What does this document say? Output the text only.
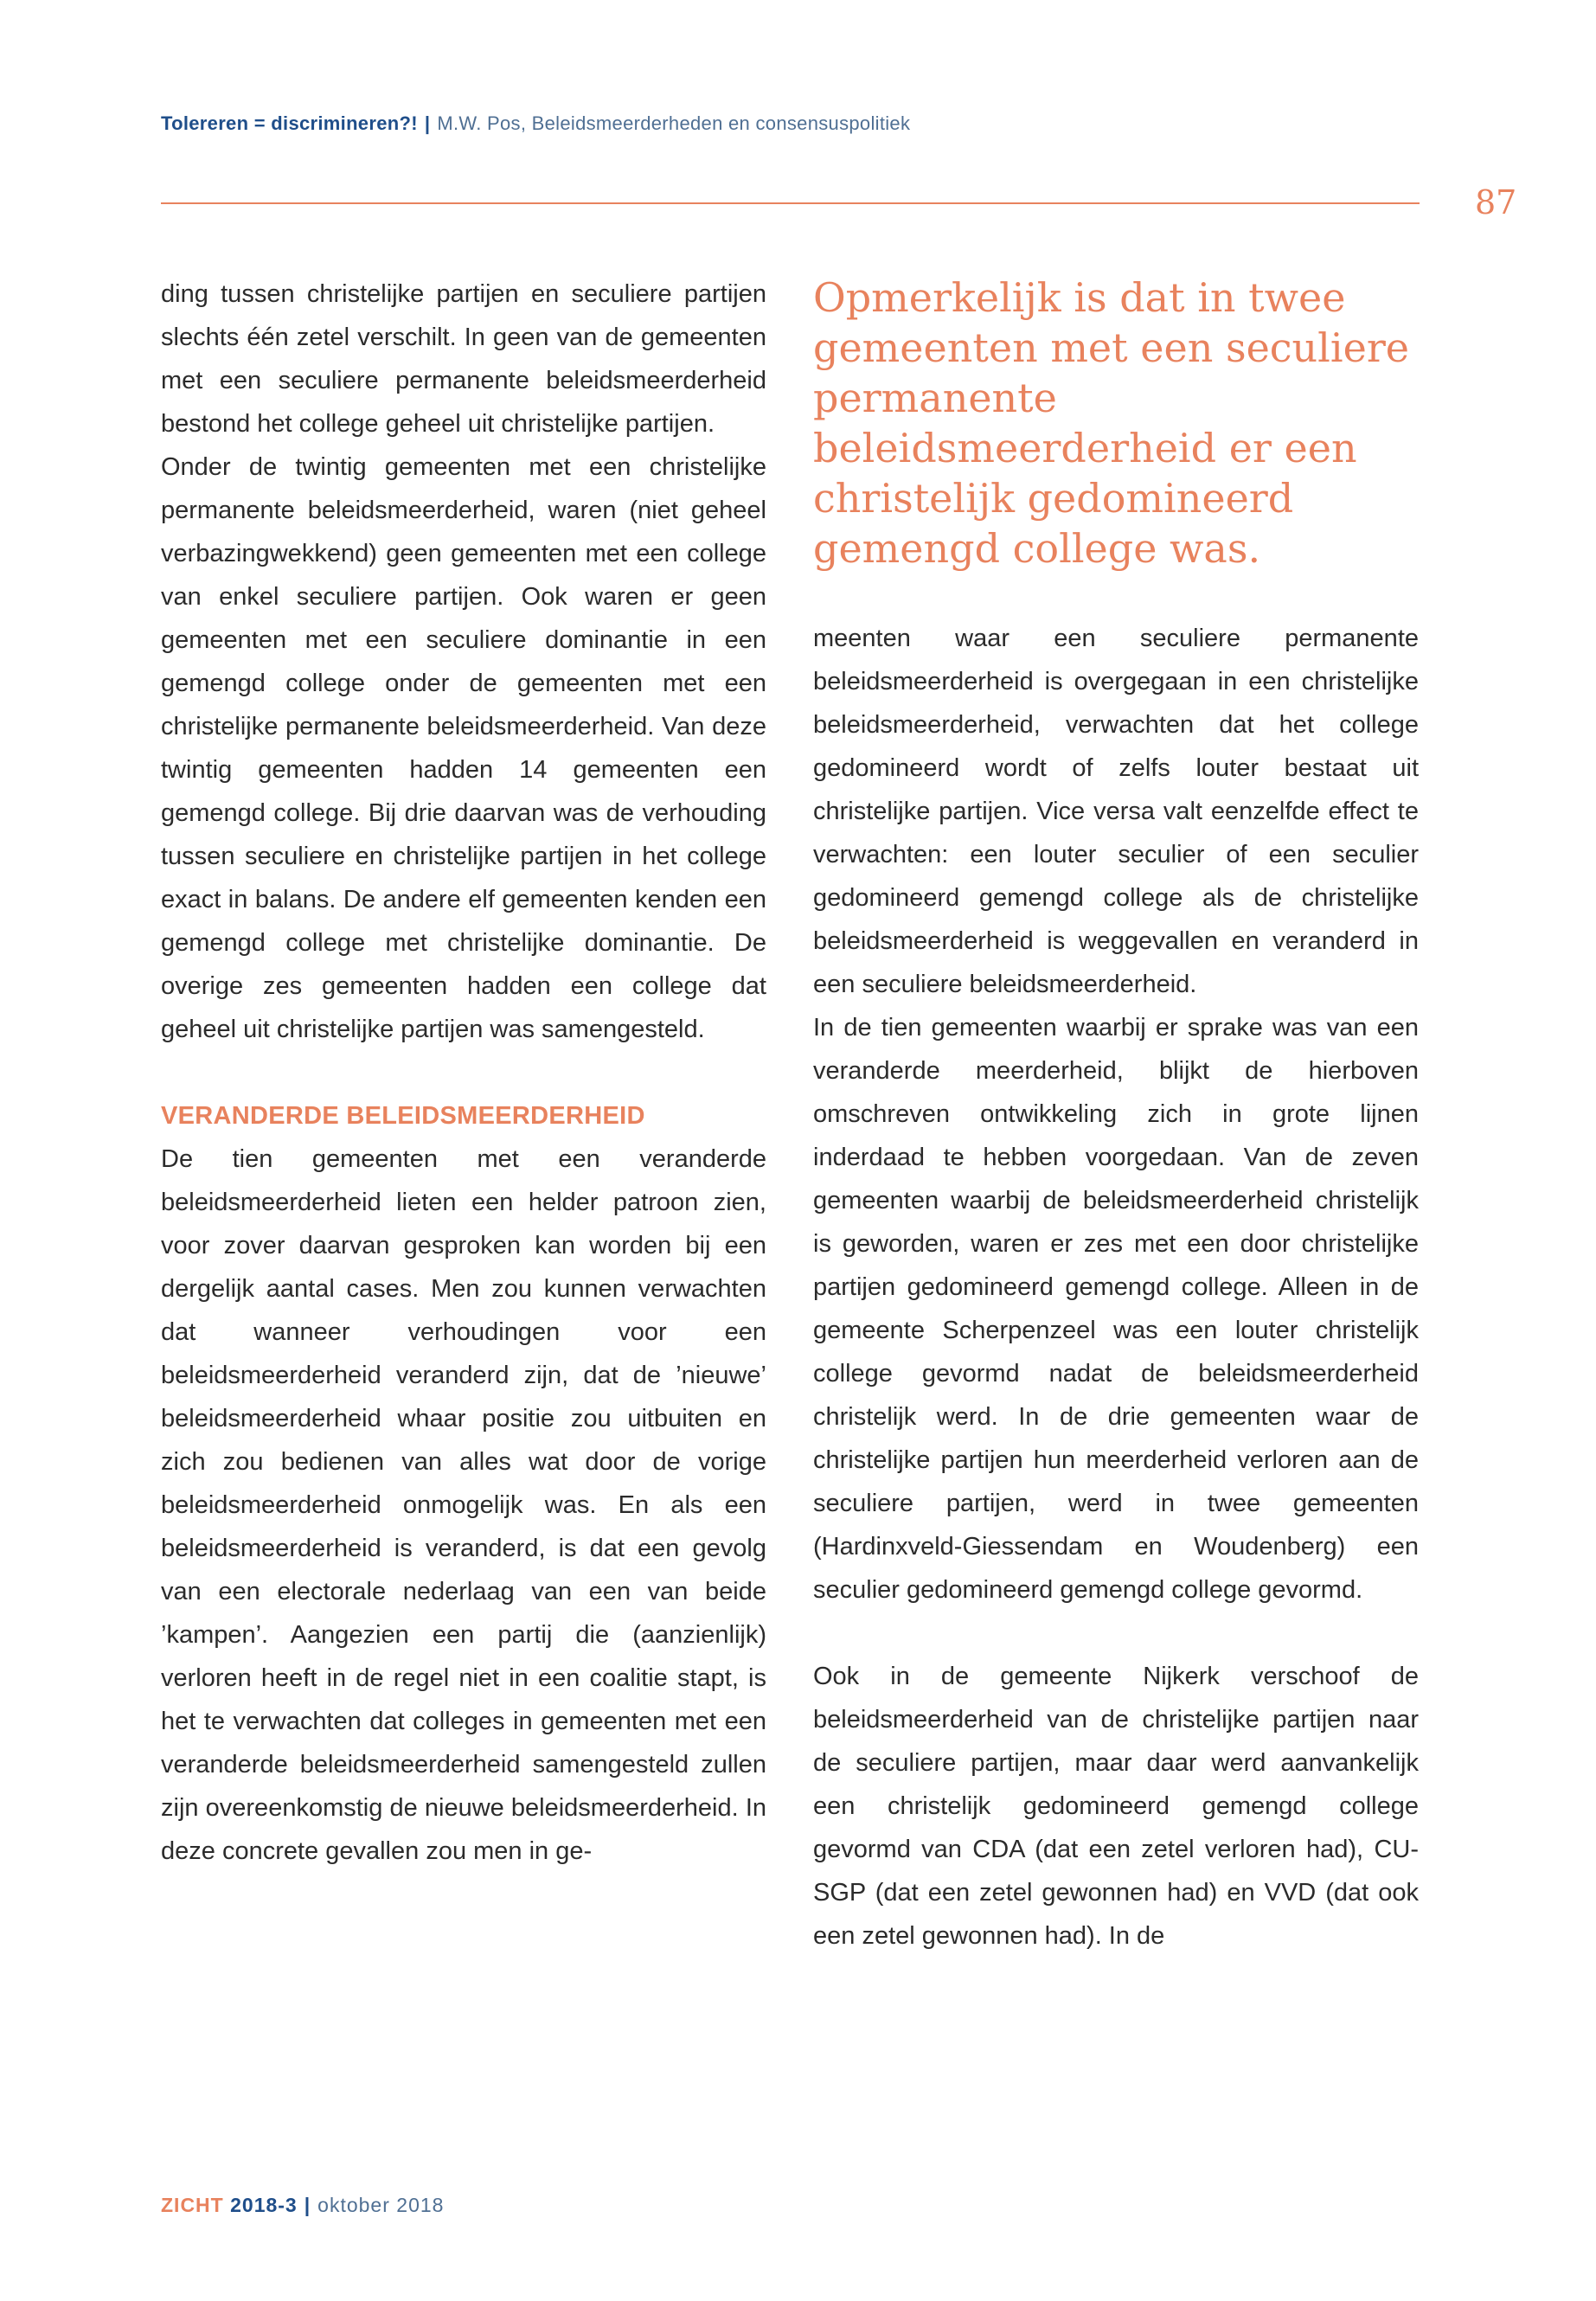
Tolereren = discrimineren?! | M.W. Pos, Beleidsmeerderheden en consensuspolitiek
87

ding tussen christelijke partijen en seculiere partijen slechts één zetel verschilt. In geen van de gemeenten met een seculiere permanente beleidsmeerderheid bestond het college geheel uit christelijke partijen.

Onder de twintig gemeenten met een christelijke permanente beleidsmeerderheid, waren (niet geheel verbazingwekkend) geen gemeenten met een college van enkel seculiere partijen. Ook waren er geen gemeenten met een seculiere dominantie in een gemengd college onder de gemeenten met een christelijke permanente beleidsmeerderheid. Van deze twintig gemeenten hadden 14 gemeenten een gemengd college. Bij drie daarvan was de verhouding tussen seculiere en christelijke partijen in het college exact in balans. De andere elf gemeenten kenden een gemengd college met christelijke dominantie. De overige zes gemeenten hadden een college dat geheel uit christelijke partijen was samengesteld.

VERANDERDE BELEIDSMEERDERHEID

De tien gemeenten met een veranderde beleidsmeerderheid lieten een helder patroon zien, voor zover daarvan gesproken kan worden bij een dergelijk aantal cases. Men zou kunnen verwachten dat wanneer verhoudingen voor een beleidsmeerderheid veranderd zijn, dat de ’nieuwe’ beleidsmeerderheid whaar positie zou uitbuiten en zich zou bedienen van alles wat door de vorige beleidsmeerderheid onmogelijk was. En als een beleidsmeerderheid is veranderd, is dat een gevolg van een electorale nederlaag van een van beide ’kampen’. Aangezien een partij die (aanzienlijk) verloren heeft in de regel niet in een coalitie stapt, is het te verwachten dat colleges in gemeenten met een veranderde beleidsmeerderheid samengesteld zullen zijn overeenkomstig de nieuwe beleidsmeerderheid. In deze concrete gevallen zou men in ge-

Opmerkelijk is dat in twee gemeenten met een seculiere permanente beleidsmeerderheid er een christelijk gedomineerd gemengd college was.

meenten waar een seculiere permanente beleidsmeerderheid is overgegaan in een christelijke beleidsmeerderheid, verwachten dat het college gedomineerd wordt of zelfs louter bestaat uit christelijke partijen. Vice versa valt eenzelfde effect te verwachten: een louter seculier of een seculier gedomineerd gemengd college als de christelijke beleidsmeerderheid is weggevallen en veranderd in een seculiere beleidsmeerderheid.

In de tien gemeenten waarbij er sprake was van een veranderde meerderheid, blijkt de hierboven omschreven ontwikkeling zich in grote lijnen inderdaad te hebben voorgedaan. Van de zeven gemeenten waarbij de beleidsmeerderheid christelijk is geworden, waren er zes met een door christelijke partijen gedomineerd gemengd college. Alleen in de gemeente Scherpenzeel was een louter christelijk college gevormd nadat de beleidsmeerderheid christelijk werd. In de drie gemeenten waar de christelijke partijen hun meerderheid verloren aan de seculiere partijen, werd in twee gemeenten (Hardinxveld-Giessendam en Woudenberg) een seculier gedomineerd gemengd college gevormd.

Ook in de gemeente Nijkerk verschoof de beleidsmeerderheid van de christelijke partijen naar de seculiere partijen, maar daar werd aanvankelijk een christelijk gedomineerd gemengd college gevormd van CDA (dat een zetel verloren had), CU-SGP (dat een zetel gewonnen had) en VVD (dat ook een zetel gewonnen had). In de

ZICHT 2018-3 | oktober 2018
